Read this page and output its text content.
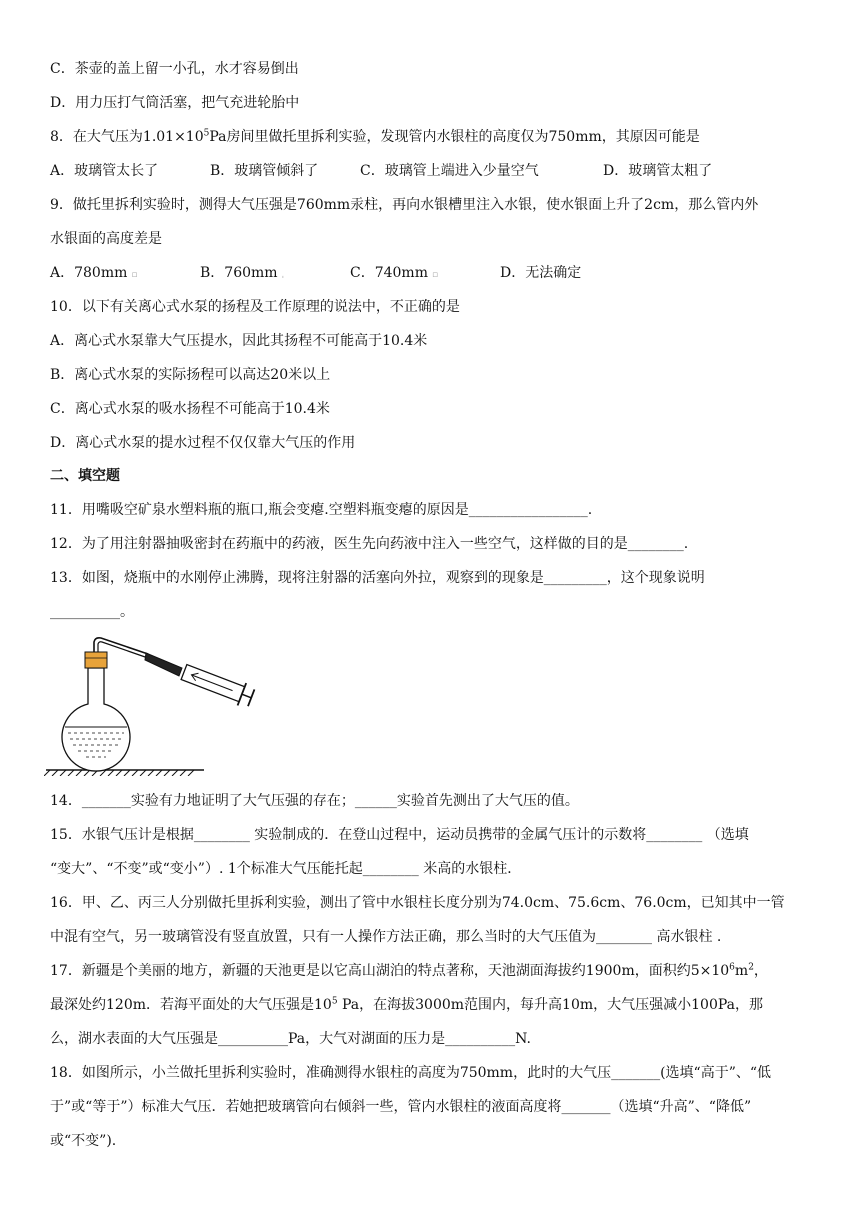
C．茶壶的盖上留一小孔，水才容易倒出
D．用力压打气筒活塞，把气充进轮胎中
8．在大气压为$1.01\times 10^5Pa$房间里做托里拆利实验，发现管内水银柱的高度仅为750mm，其原因可能是
A．玻璃管太长了	B．玻璃管倾斜了	C．玻璃管上端进入少量空气	D．玻璃管太粗了
9．做托里拆利实验时，测得大气压强是760mm汞柱，再向水银槽里注入水银，使水银面上升了2cm，那么管内外
水银面的高度差是
A．780mm ▫	B．760mm ˌ	C．740mm ▫	D．无法确定
10．以下有关离心式水泵的扬程及工作原理的说法中，不正确的是
A．离心式水泵靠大气压提水，因此其扬程不可能高于10.4米
B．离心式水泵的实际扬程可以高达20米以上
C．离心式水泵的吸水扬程不可能高于10.4米
D．离心式水泵的提水过程不仅仅靠大气压的作用
二、填空题
11．用嘴吸空矿泉水塑料瓶的瓶口,瓶会变瘪.空塑料瓶变瘪的原因是_________________.
12．为了用注射器抽吸密封在药瓶中的药液，医生先向药液中注入一些空气，这样做的目的是________.
13．如图，烧瓶中的水刚停止沸腾，现将注射器的活塞向外拉，观察到的现象是_________，这个现象说明
__________。
14．_______实验有力地证明了大气压强的存在；______实验首先测出了大气压的值。
15．水银气压计是根据________ 实验制成的．在登山过程中，运动员携带的金属气压计的示数将________ （选填
“变大”、“不变”或“变小”）. 1个标准大气压能托起________ 米高的水银柱．
16．甲、乙、丙三人分别做托里拆利实验，测出了管中水银柱长度分别为74.0cm、75.6cm、76.0cm，已知其中一管
中混有空气，另一玻璃管没有竖直放置，只有一人操作方法正确，那么当时的大气压值为________ 高水银柱 .
17．新疆是个美丽的地方，新疆的天池更是以它高山湖泊的特点著称，天池湖面海拔约1900m，面积约$5\times 10^6m^2$，
最深处约120m．若海平面处的大气压强是$10^5$ Pa，在海拔3000m范围内，每升高10m，大气压强减小100Pa，那
么，湖水表面的大气压强是__________Pa，大气对湖面的压力是__________N.
18．如图所示，小兰做托里拆利实验时，准确测得水银柱的高度为750mm，此时的大气压_______(选填“高于”、“低
于”或“等于”）标准大气压．若她把玻璃管向右倾斜一些，管内水银柱的液面高度将_______（选填“升高”、“降低”
或“不变”).
